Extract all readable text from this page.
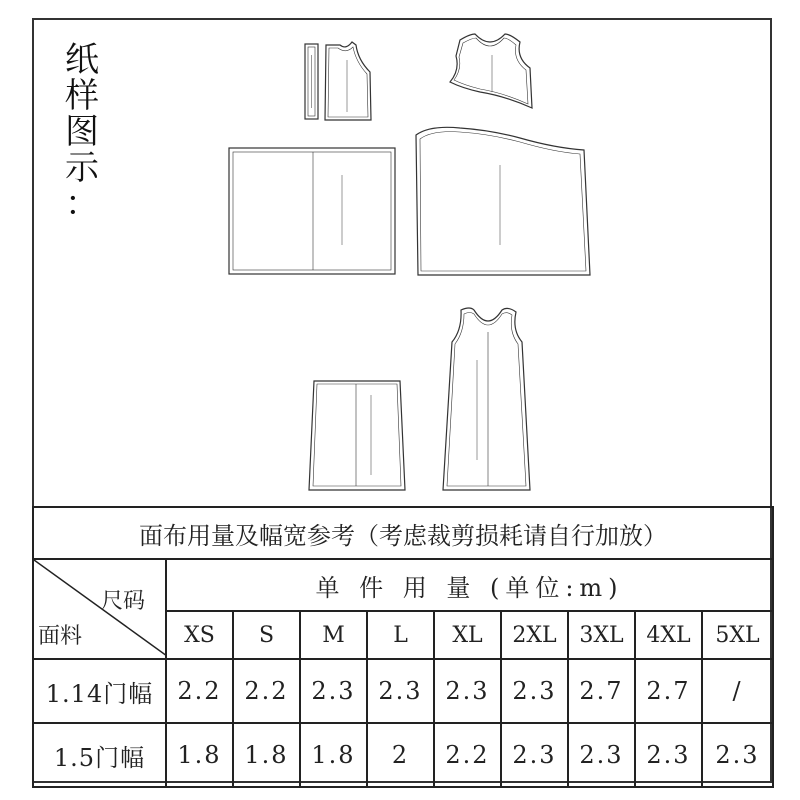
纸
样
图
示
：
面布用量及幅宽参考（考虑裁剪损耗请自行加放）									

尺码
面料	单 件 用 量 (单位:m)								
	XS	S	M	L	XL	2XL	3XL	4XL	5XL
1.14门幅	2.2	2.2	2.3	2.3	2.3	2.3	2.7	2.7	/
1.5门幅	1.8	1.8	1.8	2	2.2	2.3	2.3	2.3	2.3
